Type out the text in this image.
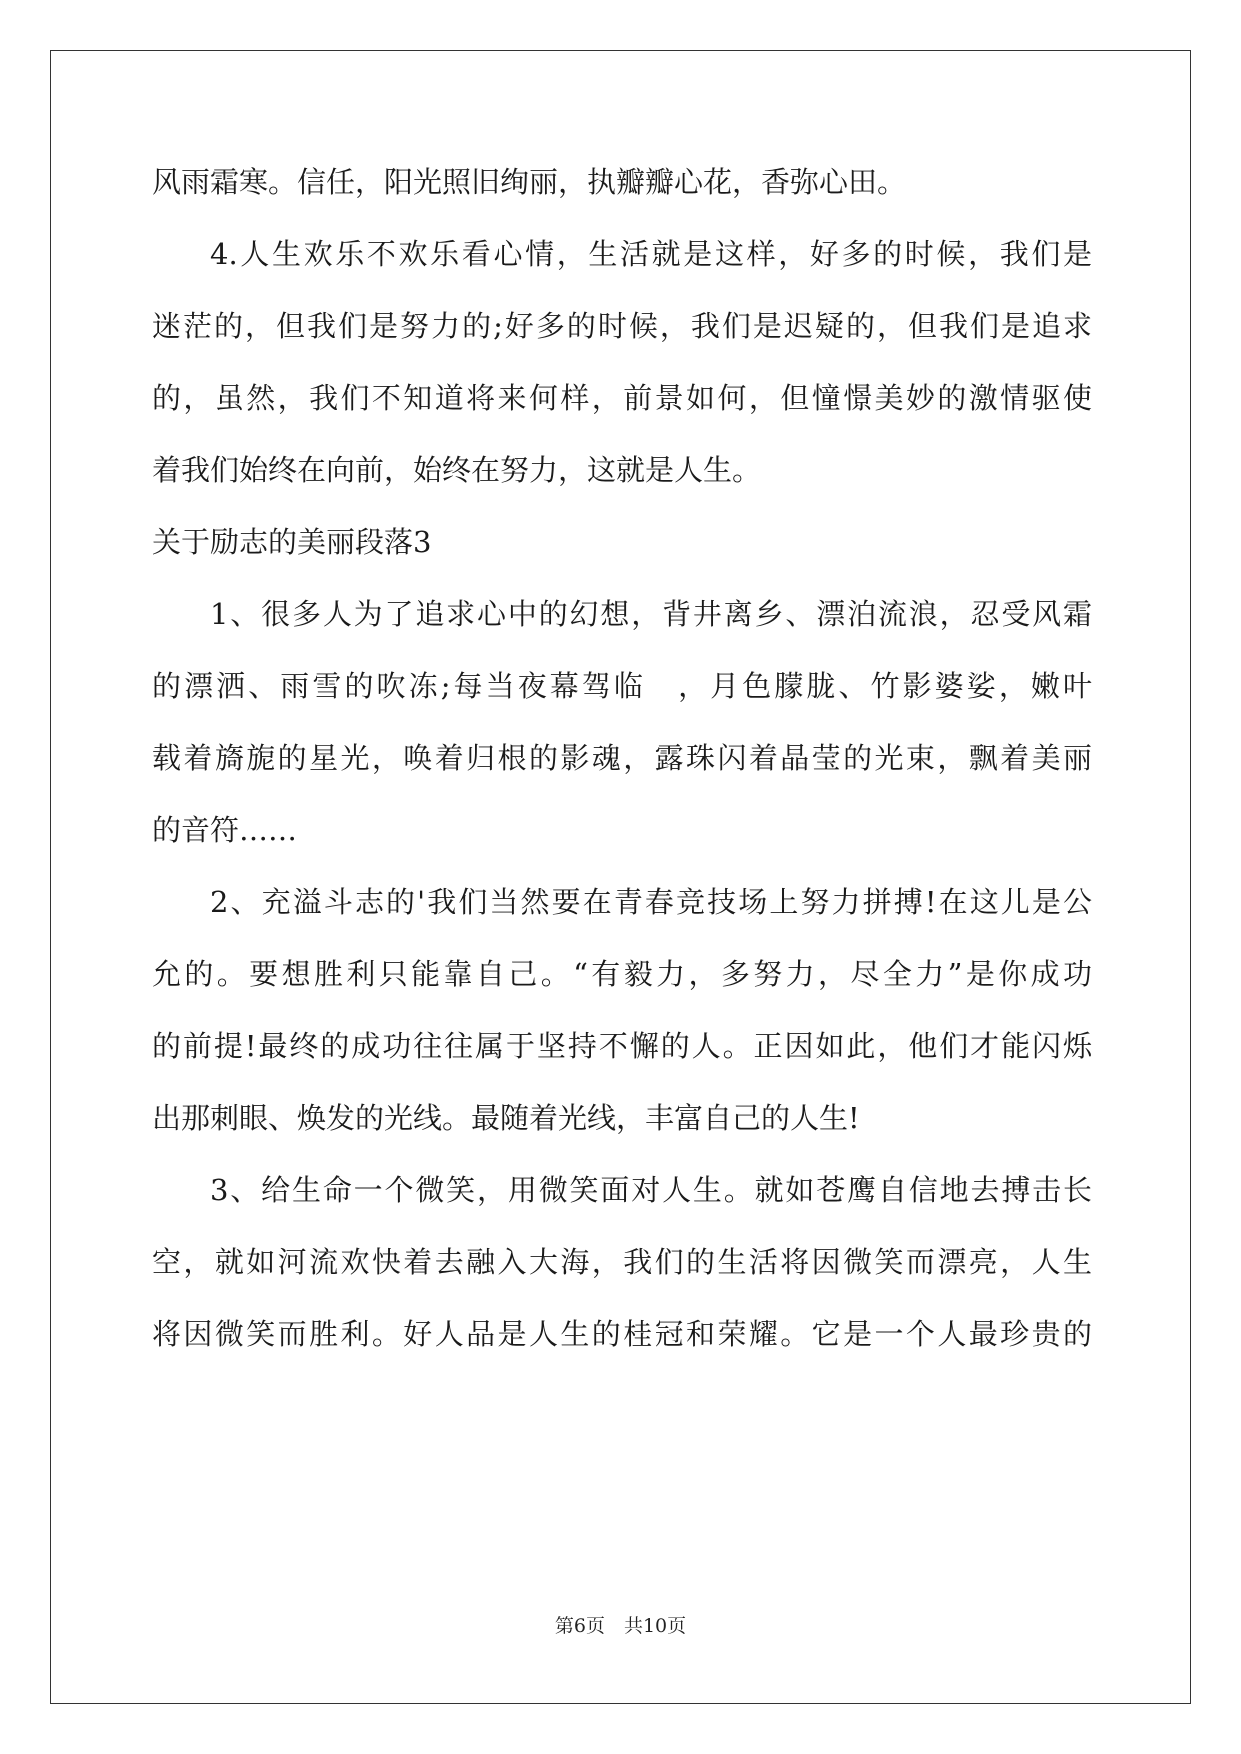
风雨霜寒。信任，阳光照旧绚丽，执瓣瓣心花，香弥心田。
4.人生欢乐不欢乐看心情，生活就是这样，好多的时候，我们是
迷茫的，但我们是努力的;好多的时候，我们是迟疑的，但我们是追求
的，虽然，我们不知道将来何样，前景如何，但憧憬美妙的激情驱使
着我们始终在向前，始终在努力，这就是人生。
关于励志的美丽段落3
1、很多人为了追求心中的幻想，背井离乡、漂泊流浪，忍受风霜
的漂洒、雨雪的吹冻;每当夜幕驾临　，月色朦胧、竹影婆娑，嫩叶
载着旖旎的星光，唤着归根的影魂，露珠闪着晶莹的光束，飘着美丽
的音符……
2、充溢斗志的'我们当然要在青春竞技场上努力拼搏!在这儿是公
允的。要想胜利只能靠自己。“有毅力，多努力，尽全力”是你成功
的前提!最终的成功往往属于坚持不懈的人。正因如此，他们才能闪烁
出那刺眼、焕发的光线。最随着光线，丰富自己的人生!
3、给生命一个微笑，用微笑面对人生。就如苍鹰自信地去搏击长
空，就如河流欢快着去融入大海，我们的生活将因微笑而漂亮，人生
将因微笑而胜利。好人品是人生的桂冠和荣耀。它是一个人最珍贵的
第6页　共10页
